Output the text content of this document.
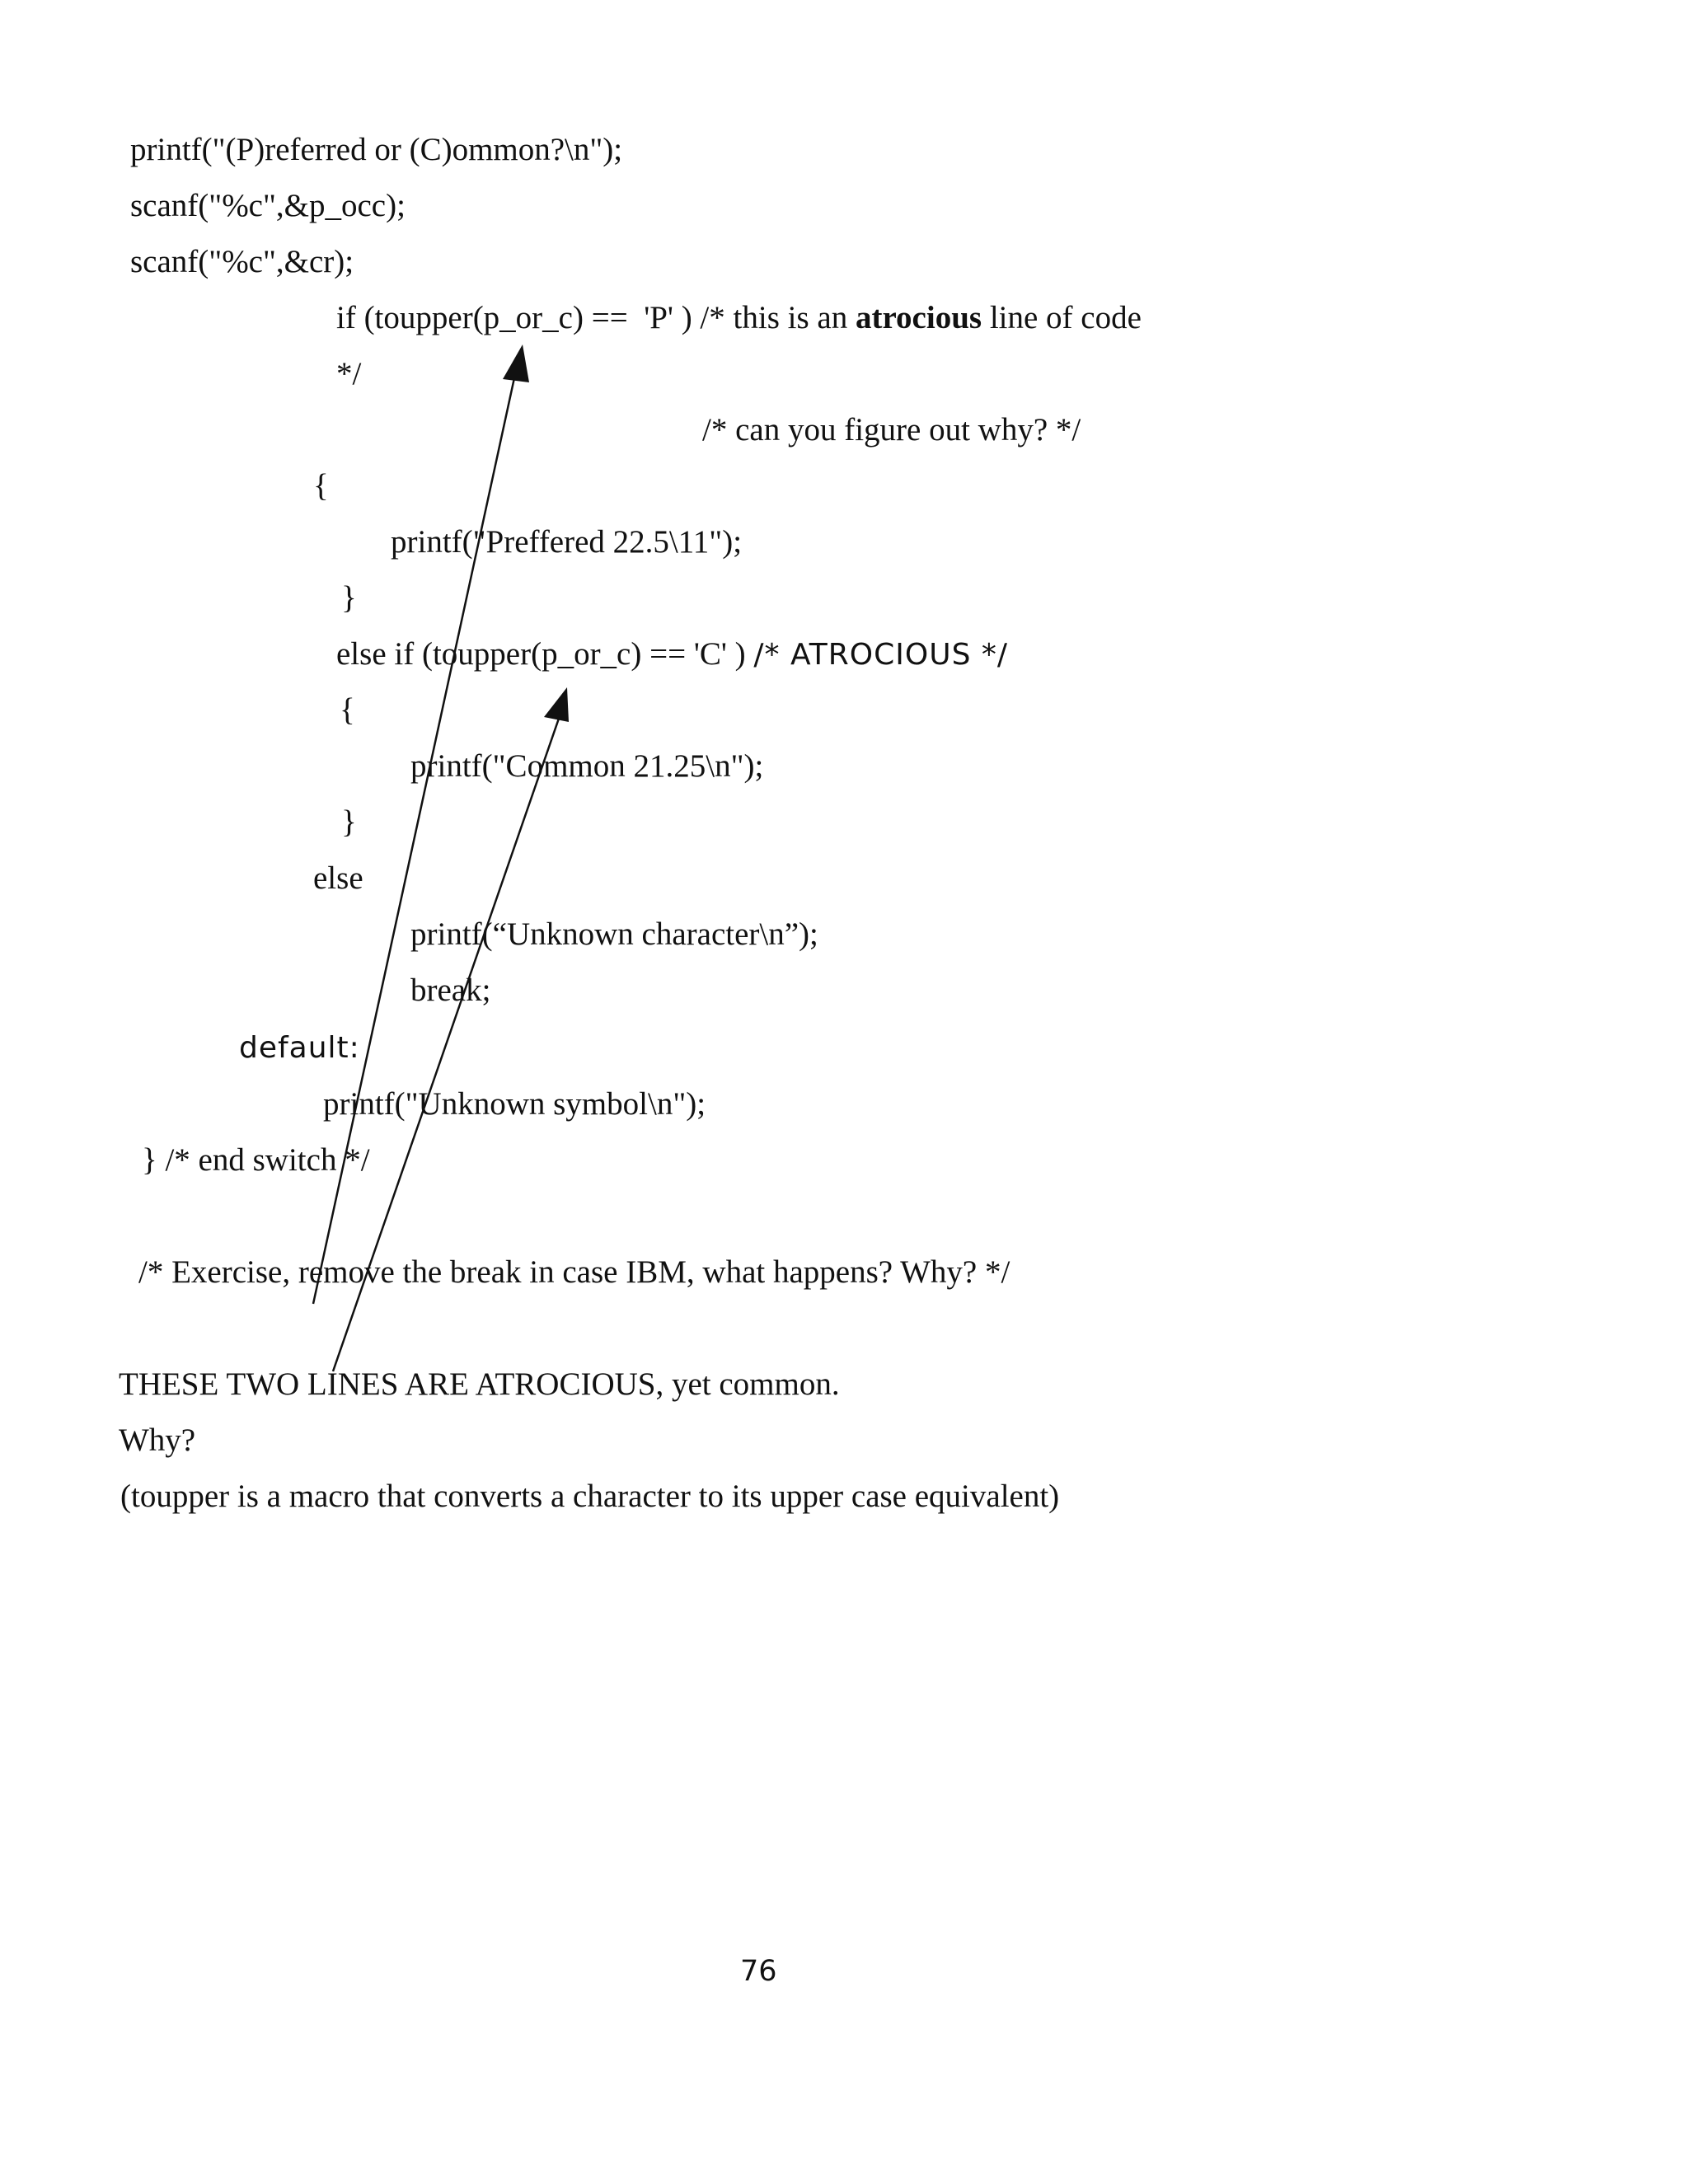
printf("(P)referred or (C)ommon?\n");
scanf("%c",&p_occ);
scanf("%c",&cr);
if (toupper(p_or_c) ==  'P' ) /* this is an atrocious line of code
*/
/* can you figure out why? */
{
printf("Preffered 22.5\11");
}
else if (toupper(p_or_c) == 'C' ) /* ATROCIOUS */
{
printf("Common 21.25\n");
}
else
printf(“Unknown character\n”);
break;
default:
printf("Unknown symbol\n");
} /* end switch */
/* Exercise, remove the break in case IBM, what happens? Why? */
THESE TWO LINES ARE ATROCIOUS, yet common.
Why?
(toupper is a macro that converts a character to its upper case equivalent)
76
